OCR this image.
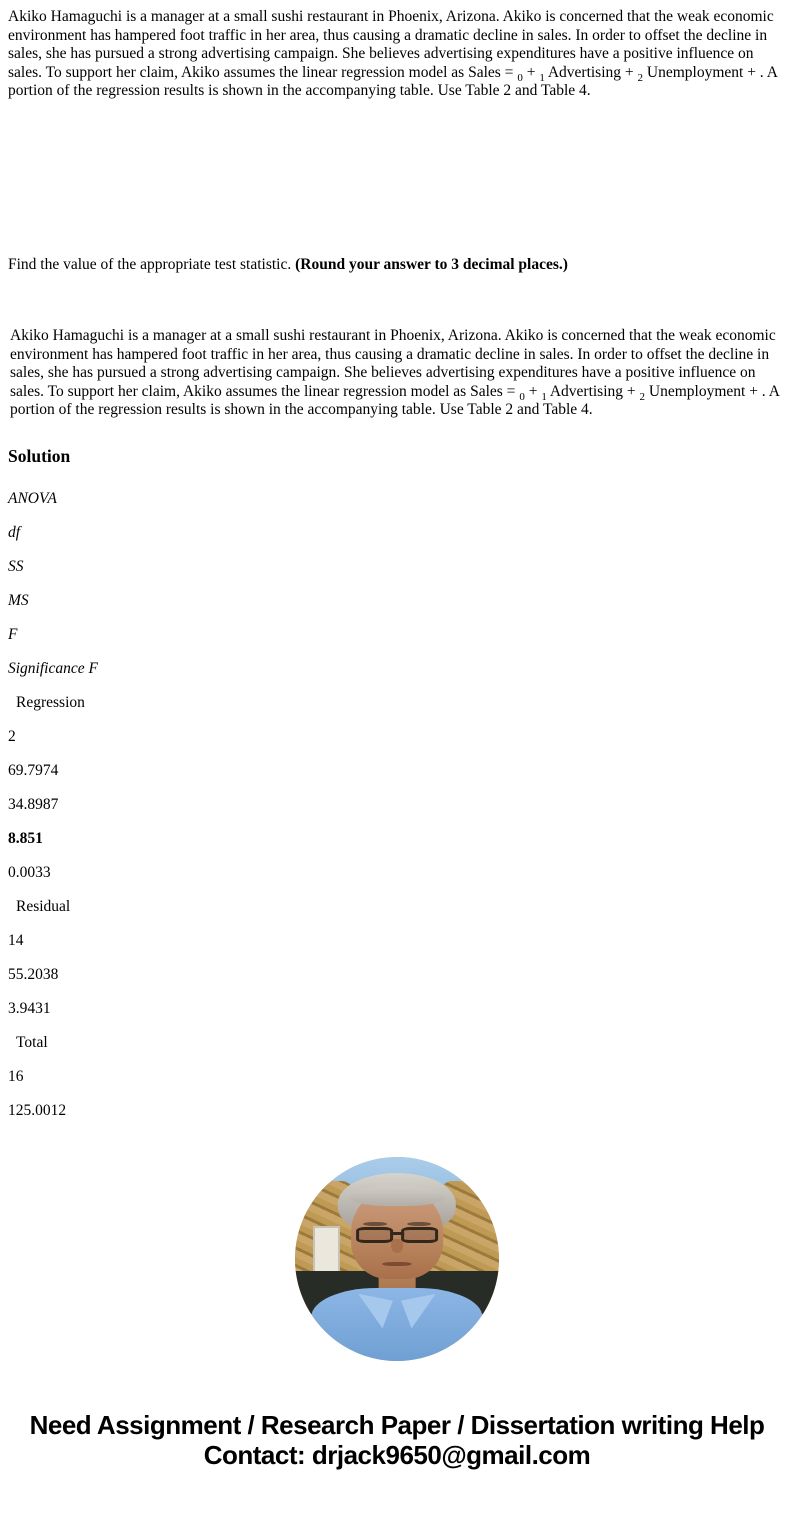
Akiko Hamaguchi is a manager at a small sushi restaurant in Phoenix, Arizona. Akiko is concerned that the weak economic environment has hampered foot traffic in her area, thus causing a dramatic decline in sales. In order to offset the decline in sales, she has pursued a strong advertising campaign. She believes advertising expenditures have a positive influence on sales. To support her claim, Akiko assumes the linear regression model as Sales = $_0$ + $_1$ Advertising + $_2$ Unemployment + . A portion of the regression results is shown in the accompanying table. Use Table 2 and Table 4.

Find the value of the appropriate test statistic. (Round your answer to 3 decimal places.)

Akiko Hamaguchi is a manager at a small sushi restaurant in Phoenix, Arizona. Akiko is concerned that the weak economic environment has hampered foot traffic in her area, thus causing a dramatic decline in sales. In order to offset the decline in sales, she has pursued a strong advertising campaign. She believes advertising expenditures have a positive influence on sales. To support her claim, Akiko assumes the linear regression model as Sales = $_0$ + $_1$ Advertising + $_2$ Unemployment + . A portion of the regression results is shown in the accompanying table. Use Table 2 and Table 4.

Solution
ANOVA
df
SS
MS
F
Significance F
Regression
2
69.7974
34.8987
8.851
0.0033
Residual
14
55.2038
3.9431
Total
16
125.0012
Need Assignment / Research Paper / Dissertation writing Help
Contact: drjack9650@gmail.com
